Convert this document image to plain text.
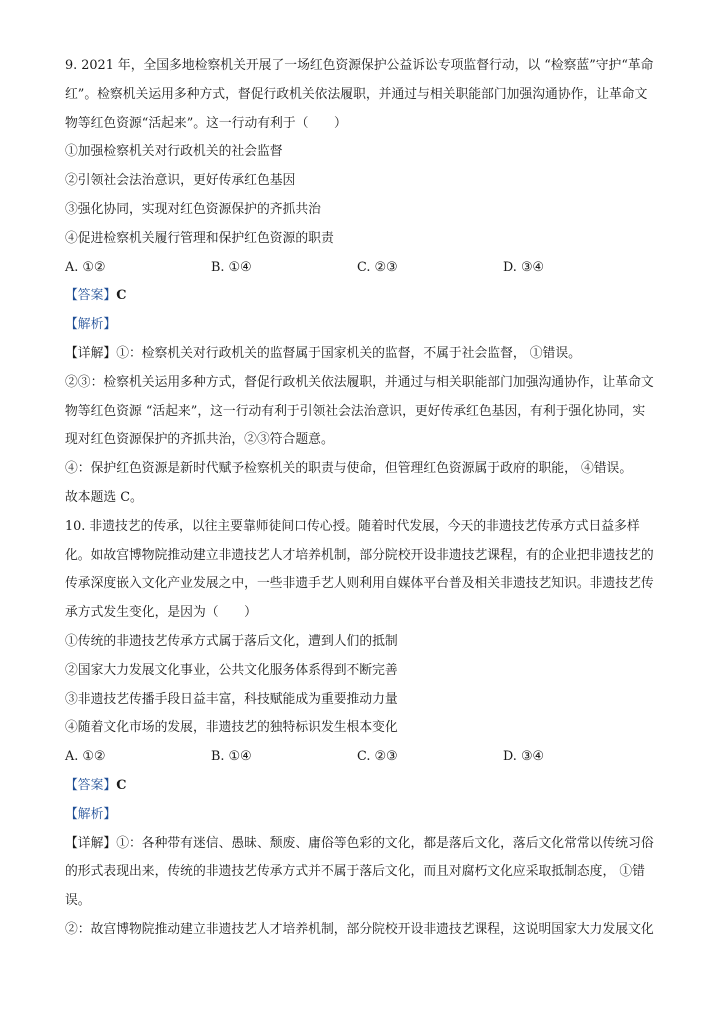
9. 2021 年，全国多地检察机关开展了一场红色资源保护公益诉讼专项监督行动，以 “检察蓝”守护“革命

红”。检察机关运用多种方式，督促行政机关依法履职，并通过与相关职能部门加强沟通协作，让革命文

物等红色资源“活起来”。这一行动有利于（　　）

①加强检察机关对行政机关的社会监督

②引领社会法治意识，更好传承红色基因

③强化协同，实现对红色资源保护的齐抓共治

④促进检察机关履行管理和保护红色资源的职责

A. ①②	B. ①④	C. ②③	D. ③④

【答案】C

【解析】

【详解】①：检察机关对行政机关的监督属于国家机关的监督，不属于社会监督， ①错误。

②③：检察机关运用多种方式，督促行政机关依法履职，并通过与相关职能部门加强沟通协作，让革命文

物等红色资源 “活起来”，这一行动有利于引领社会法治意识，更好传承红色基因，有利于强化协同，实

现对红色资源保护的齐抓共治，②③符合题意。

④：保护红色资源是新时代赋予检察机关的职责与使命，但管理红色资源属于政府的职能， ④错误。

故本题选 C。

10. 非遗技艺的传承，以往主要靠师徒间口传心授。随着时代发展，今天的非遗技艺传承方式日益多样

化。如故宫博物院推动建立非遗技艺人才培养机制，部分院校开设非遗技艺课程，有的企业把非遗技艺的

传承深度嵌入文化产业发展之中，一些非遗手艺人则利用自媒体平台普及相关非遗技艺知识。非遗技艺传

承方式发生变化，是因为（　　）

①传统的非遗技艺传承方式属于落后文化，遭到人们的抵制

②国家大力发展文化事业，公共文化服务体系得到不断完善

③非遗技艺传播手段日益丰富，科技赋能成为重要推动力量

④随着文化市场的发展，非遗技艺的独特标识发生根本变化

A. ①②	B. ①④	C. ②③	D. ③④

【答案】C

【解析】

【详解】①：各种带有迷信、愚昧、颓废、庸俗等色彩的文化，都是落后文化，落后文化常常以传统习俗

的形式表现出来，传统的非遗技艺传承方式并不属于落后文化，而且对腐朽文化应采取抵制态度， ①错

误。

②：故宫博物院推动建立非遗技艺人才培养机制，部分院校开设非遗技艺课程，这说明国家大力发展文化
